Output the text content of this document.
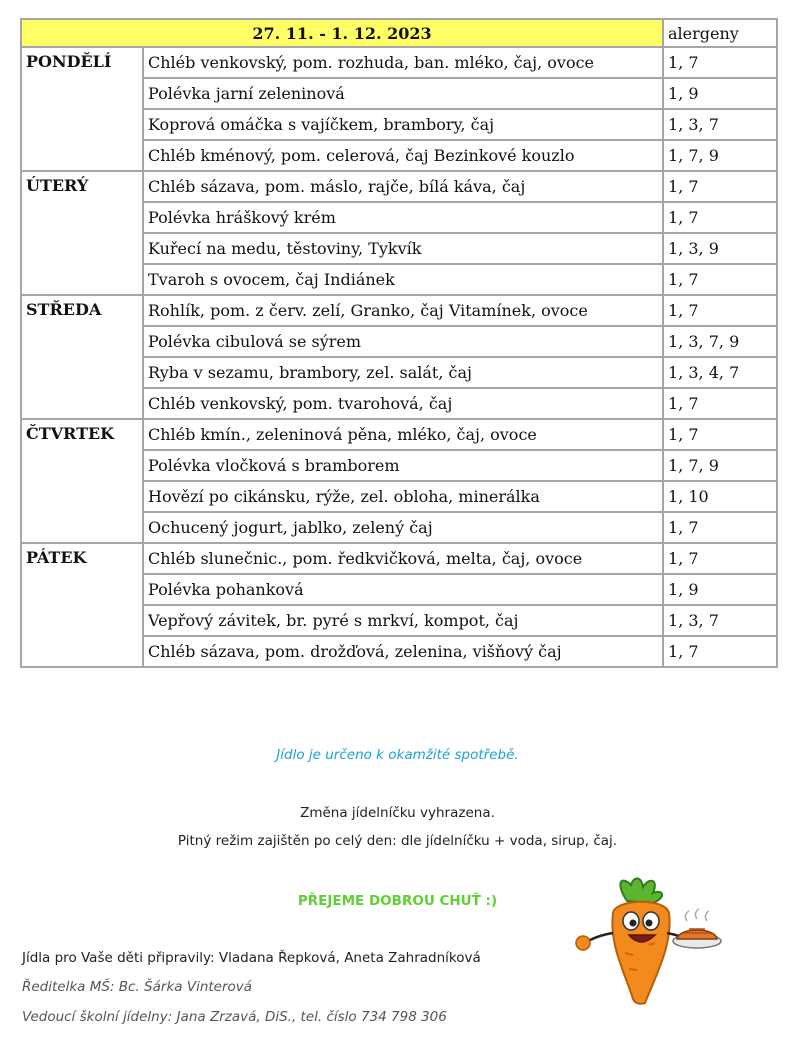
27. 11. - 1. 12. 2023		alergeny
PONDĚLÍ	Chléb venkovský, pom. rozhuda, ban. mléko, čaj, ovoce	1, 7
	Polévka jarní zeleninová	1, 9
	Koprová omáčka s vajíčkem, brambory, čaj	1, 3, 7
	Chléb kménový, pom. celerová, čaj Bezinkové kouzlo	1, 7, 9
ÚTERÝ	Chléb sázava, pom. máslo, rajče, bílá káva, čaj	1, 7
	Polévka hráškový krém	1, 7
	Kuřecí na medu, těstoviny, Tykvík	1, 3, 9
	Tvaroh s ovocem, čaj Indiánek	1, 7
STŘEDA	Rohlík, pom. z červ. zelí, Granko, čaj Vitamínek, ovoce	1, 7
	Polévka cibulová se sýrem	1, 3, 7, 9
	Ryba v sezamu, brambory, zel. salát, čaj	1, 3, 4, 7
	Chléb venkovský, pom. tvarohová, čaj	1, 7
ČTVRTEK	Chléb kmín., zeleninová pěna, mléko, čaj, ovoce	1, 7
	Polévka vločková s bramborem	1, 7, 9
	Hovězí po cikánsku, rýže, zel. obloha, minerálka	1, 10
	Ochucený jogurt, jablko, zelený čaj	1, 7
PÁTEK	Chléb slunečnic., pom. ředkvičková, melta, čaj, ovoce	1, 7
	Polévka pohanková	1, 9
	Vepřový závitek, br. pyré s mrkví, kompot, čaj	1, 3, 7
	Chléb sázava, pom. drožďová, zelenina, višňový čaj	1, 7
Jídlo je určeno k okamžité spotřebě.
Změna jídelníčku vyhrazena.
Pitný režim zajištěn po celý den: dle jídelníčku + voda, sirup, čaj.
PŘEJEME DOBROU CHUŤ :)
Jídla pro Vaše děti připravily: Vladana Řepková, Aneta Zahradníková
Ředitelka MŠ: Bc. Šárka Vinterová
Vedoucí školní jídelny: Jana Zrzavá, DiS., tel. číslo 734 798 306
